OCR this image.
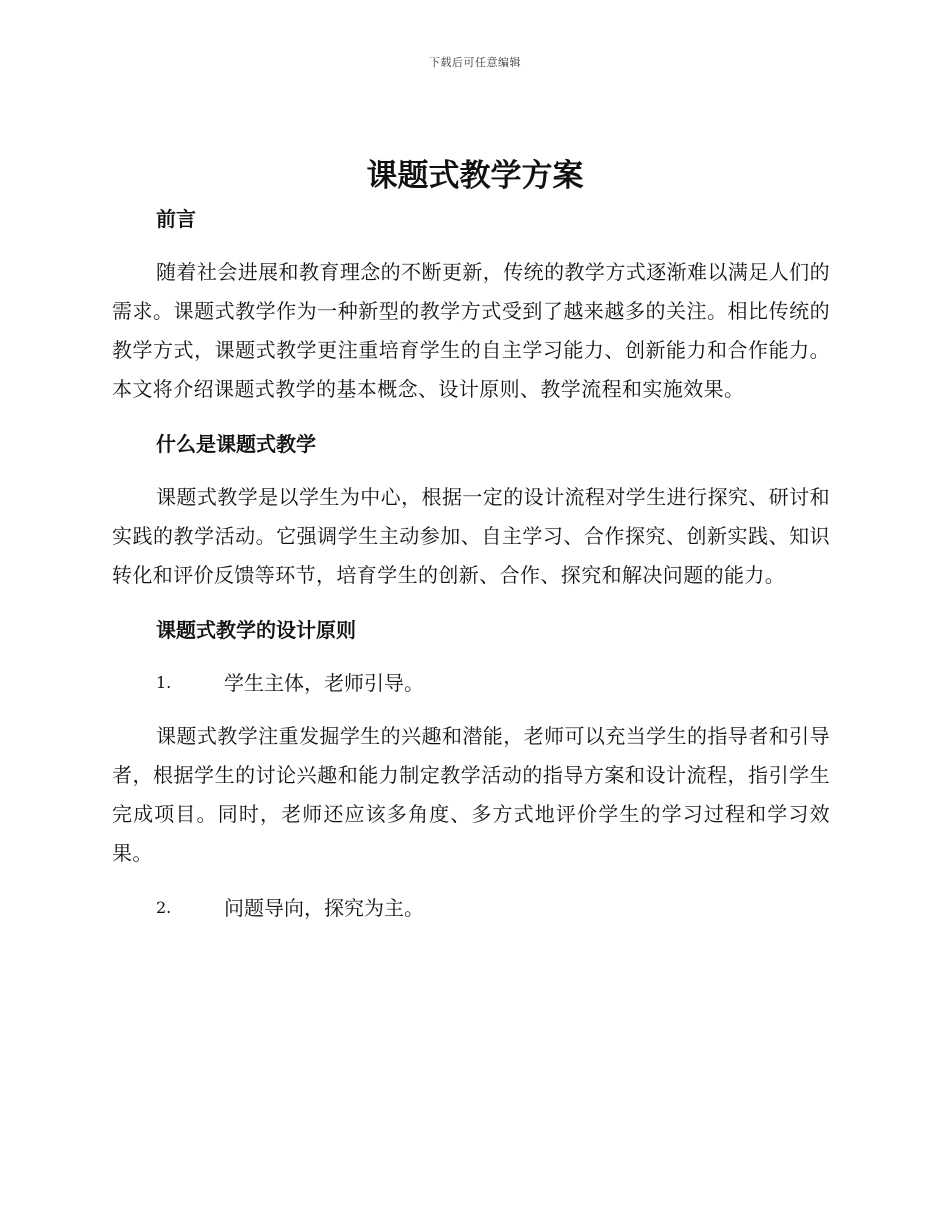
下载后可任意编辑
课题式教学方案
前言

随着社会进展和教育理念的不断更新，传统的教学方式逐渐难以满足人们的需求。课题式教学作为一种新型的教学方式受到了越来越多的关注。相比传统的教学方式，课题式教学更注重培育学生的自主学习能力、创新能力和合作能力。本文将介绍课题式教学的基本概念、设计原则、教学流程和实施效果。

什么是课题式教学

课题式教学是以学生为中心，根据一定的设计流程对学生进行探究、研讨和实践的教学活动。它强调学生主动参加、自主学习、合作探究、创新实践、知识转化和评价反馈等环节，培育学生的创新、合作、探究和解决问题的能力。

课题式教学的设计原则
1.	学生主体，老师引导。

课题式教学注重发掘学生的兴趣和潜能，老师可以充当学生的指导者和引导者，根据学生的讨论兴趣和能力制定教学活动的指导方案和设计流程，指引学生完成项目。同时，老师还应该多角度、多方式地评价学生的学习过程和学习效果。

2.	问题导向，探究为主。
